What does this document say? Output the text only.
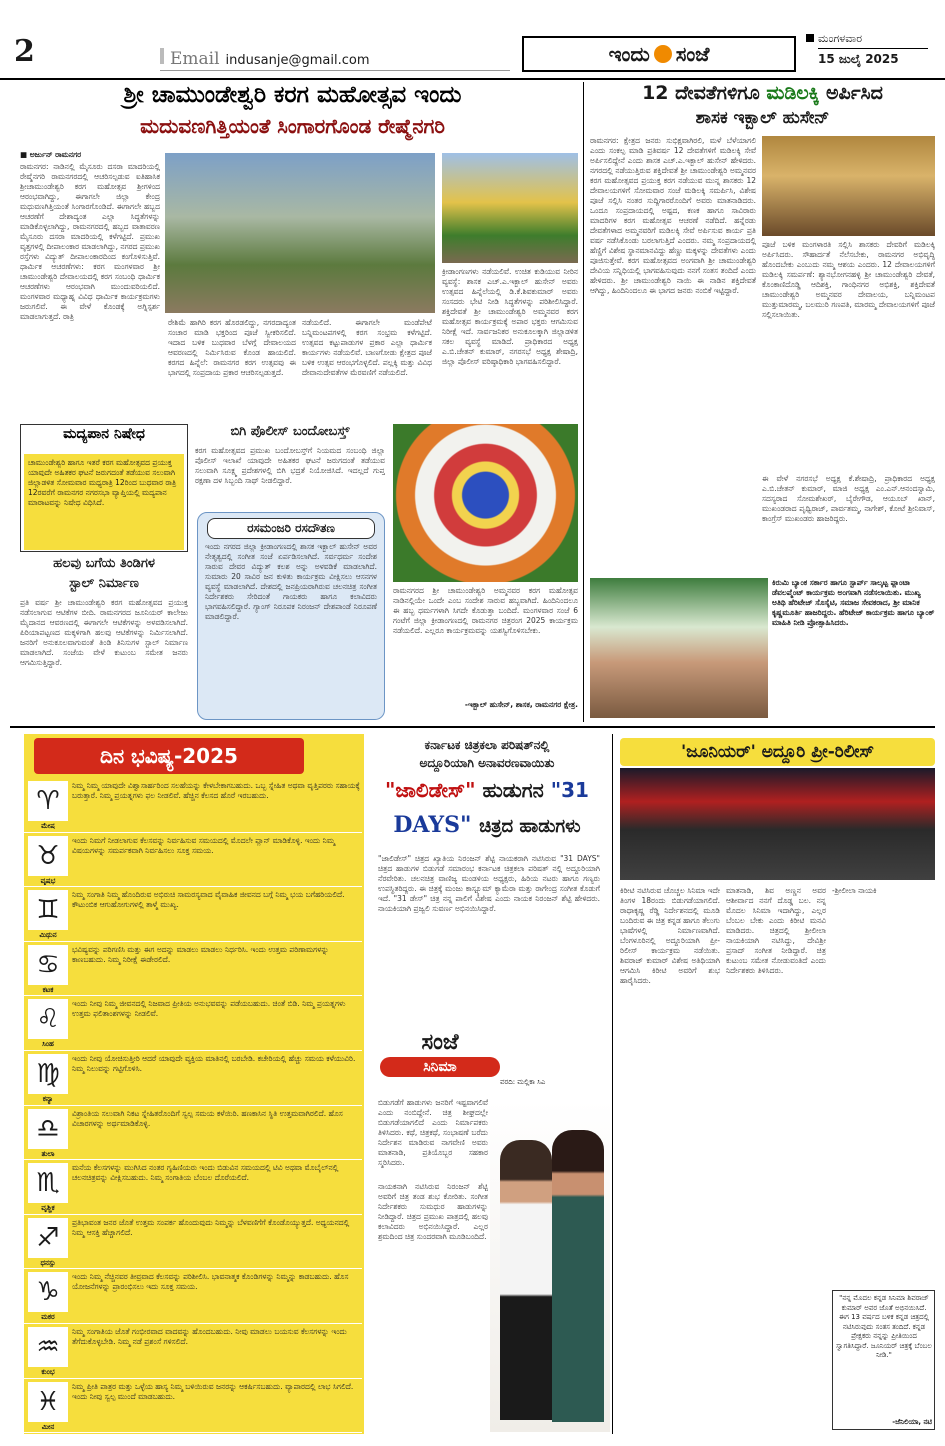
2	Email indusanje@gmail.com	ಇಂದು ಸಂಜೆ
ಮಂಗಳವಾರ
15 ಜುಲೈ 2025
ಶ್ರೀ ಚಾಮುಂಡೇಶ್ವರಿ ಕರಗ ಮಹೋತ್ಸವ ಇಂದು
ಮದುವಣಗಿತ್ತಿಯಂತೆ ಸಿಂಗಾರಗೊಂಡ ರೇಷ್ಮೆನಗರಿ
■ ಅರ್ಜುನ್ ರಾಮನಗರ
ರಾಮನಗರ: ನಾಡಿನಲ್ಲಿ ಮೈಸೂರು ದಸರಾ ಮಾದರಿಯಲ್ಲಿ ರೇಷ್ಮೆನಗರಿ ರಾಮನಗರದಲ್ಲಿ ಆಚರಿಸಲ್ಪಡುವ ಐತಿಹಾಸಿಕ ಶ್ರೀಚಾಮುಂಡೇಶ್ವರಿ ಕರಗ ಮಹೋತ್ಸವ ಶ್ರೀಗಳಿಂದ ಆರಂಭವಾಗಿದ್ದು, ಈಗಾಗಲೇ ಜಿಲ್ಲಾ ಕೇಂದ್ರ ಮಧುವಣಗಿತ್ತಿಯಂತೆ ಸಿಂಗಾರಗೊಂಡಿದೆ. ಈಗಾಗಲೇ ಹಬ್ಬದ ಆಚರಣೆಗೆ ದೇಶಾದ್ಯಂತ ಎಲ್ಲಾ ಸಿದ್ಧತೆಗಳನ್ನು ಮಾಡಿಕೊಳ್ಳಲಾಗಿದ್ದು, ರಾಮನಗರದಲ್ಲಿ ಹಬ್ಬದ ವಾತಾವರಣ ಮೈಸೂರು ದಸರಾ ಮಾದರಿಯಲ್ಲಿ ಕಳೆಗಟ್ಟಿದೆ. ಪ್ರಮುಖ ವೃತ್ತಗಳಲ್ಲಿ ದೀಪಾಲಂಕಾರ ಮಾಡಲಾಗಿದ್ದು, ನಗರದ ಪ್ರಮುಖ ರಸ್ತೆಗಳು ವಿದ್ಯುತ್ ದೀಪಾಲಂಕಾರದಿಂದ ಕಂಗೊಳಿಸುತ್ತಿವೆ. ಧಾರ್ಮಿಕ ಆಚರಣೆಗಳು: ಕರಗ ಮಂಗಳವಾರ ಶ್ರೀ ಚಾಮುಂಡೇಶ್ವರಿ ದೇವಾಲಯದಲ್ಲಿ ಕರಗ ಸಂಬಂಧಿ ಧಾರ್ಮಿಕ ಆಚರಣೆಗಳು ಆರಂಭವಾಗಿ ಮುಂದುವರಿಯಲಿದೆ. ಮಂಗಳವಾರ ಮಧ್ಯಾಹ್ನ ವಿವಿಧ ಧಾರ್ಮಿಕ ಕಾರ್ಯಕ್ರಮಗಳು ಜರುಗಲಿವೆ. ಈ ವೇಳೆ ಕೊಂಡಕ್ಕೆ ಅಗ್ನಿಸ್ಪರ್ಶ ಮಾಡಲಾಗುತ್ತದೆ. ರಾತ್ರಿ
ರೇಶಿಮೆ ಹಾಗಿರಿ ಕರಗ ಹೊರಡಲಿದ್ದು, ನಗರದಾದ್ಯಂತ ಸಂಚಾರ ಮಾಡಿ ಭಕ್ತರಿಂದ ಪೂಜೆ ಸ್ವೀಕರಿಸಲಿದೆ. ಇದಾದ ಬಳಿಕ ಬುಧವಾರ ಬೆಳಗ್ಗೆ ದೇವಾಲಯದ ಆವರಣದಲ್ಲಿ ನಿರ್ಮಿಸಿರುವ ಕೊಂಡ ಹಾಯಲಿದೆ. ಕರಗದ ಹಿನ್ನೆಲೆ: ರಾಮನಗರ ಕರಗ ಉತ್ಸವವು ಈ ಭಾಗದಲ್ಲಿ ಸಂಪ್ರದಾಯ ಪ್ರಕಾರ ಆಚರಿಸಲ್ಪಡುತ್ತದೆ.
ನಡೆಯಲಿದೆ. ಈಗಾಗಲೇ ಮಂಡೆಪೇಟೆ ಬನ್ನಿಮಂಟಪಗಳಲ್ಲಿ ಕರಗ ಸಂಭ್ರಮ ಕಳೆಗಟ್ಟಿದೆ. ಉತ್ಸವದ ಕಟ್ಟುಪಾಡುಗಳ ಪ್ರಕಾರ ಎಲ್ಲಾ ಧಾರ್ಮಿಕ ಕಾರ್ಯಗಳು ನಡೆಯಲಿವೆ. ಬಾಣಗೋಡು ಕ್ಷೇತ್ರದ ಪೂಜೆ ಬಳಿಕ ಉತ್ಸವ ಆರಂಭಗೊಳ್ಳಲಿದೆ. ಪಲ್ಲಕ್ಕಿ ಮತ್ತು ವಿವಿಧ ದೇವಾನುದೇವತೆಗಳ ಮೆರವಣಿಗೆ ನಡೆಯಲಿದೆ.
ಕ್ರೀಡಾಂಗಣಗಳು ನಡೆಯಲಿವೆ. ಉಚಿತ ಕುಡಿಯುವ ನೀರಿನ ವ್ಯವಸ್ಥೆ: ಶಾಸಕ ಎಚ್.ಎ.ಇಕ್ಬಾಲ್ ಹುಸೇನ್ ಅವರು ಉತ್ಸವದ ಹಿನ್ನೆಲೆಯಲ್ಲಿ ಡಿ.ಕೆ.ಶಿವಕುಮಾರ್ ಅವರು ಸಂಸದರು ಭೇಟಿ ನೀಡಿ ಸಿದ್ಧತೆಗಳನ್ನು ಪರಿಶೀಲಿಸಿದ್ದಾರೆ. ಶಕ್ತಿದೇವತೆ ಶ್ರೀ ಚಾಮುಂಡೇಶ್ವರಿ ಅಮ್ಮನವರ ಕರಗ ಮಹೋತ್ಸವ ಕಾರ್ಯಕ್ರಮಕ್ಕೆ ಅಪಾರ ಭಕ್ತರು ಆಗಮಿಸುವ ನಿರೀಕ್ಷೆ ಇದೆ. ಸಾರ್ವಜನಿಕರ ಅನುಕೂಲಕ್ಕಾಗಿ ಜಿಲ್ಲಾಡಳಿತ ಸಕಲ ವ್ಯವಸ್ಥೆ ಮಾಡಿದೆ. ಪ್ರಾಧಿಕಾರದ ಅಧ್ಯಕ್ಷ ಎ.ಬಿ.ಚೇತನ್ ಕುಮಾರ್, ನಗರಸಭೆ ಅಧ್ಯಕ್ಷ ಶೇಷಾದ್ರಿ, ಜಿಲ್ಲಾ ಪೊಲೀಸ್ ವರಿಷ್ಠಾಧಿಕಾರಿ ಭಾಗವಹಿಸಲಿದ್ದಾರೆ.
ಮದ್ಯಪಾನ ನಿಷೇಧ
ಚಾಮುಂಡೇಶ್ವರಿ ಹಾಗೂ ಇತರೆ ಕರಗ ಮಹೋತ್ಸವದ ಪ್ರಯುಕ್ತ ಯಾವುದೇ ಅಹಿತಕರ ಘಟನೆ ಜರುಗದಂತೆ ತಡೆಯುವ ಸಲುವಾಗಿ ಜಿಲ್ಲಾಡಳಿತ ಸೋಮವಾರ ಮಧ್ಯರಾತ್ರಿ 12ರಿಂದ ಬುಧವಾರ ರಾತ್ರಿ 12ರವರೆಗೆ ರಾಮನಗರ ನಗರಸಭಾ ವ್ಯಾಪ್ತಿಯಲ್ಲಿ ಮದ್ಯಪಾನ ಮಾರಾಟವನ್ನು ನಿಷೇಧ ವಿಧಿಸಿದೆ.
ಬಿಗಿ ಪೊಲೀಸ್ ಬಂದೋಬಸ್ತ್
ಕರಗ ಮಹೋತ್ಸವದ ಪ್ರಮುಖ ಬಂದೋಬಸ್ತ್‌ಗೆ ನಿಯಮದ ಸಂಬಂಧಿ ಜಿಲ್ಲಾ ಪೊಲೀಸ್ ಇಲಾಖೆ ಯಾವುದೇ ಅಹಿತಕರ ಘಟನೆ ಜರುಗದಂತೆ ತಡೆಯುವ ಸಲುವಾಗಿ ಸೂಕ್ಷ್ಮ ಪ್ರದೇಶಗಳಲ್ಲಿ ಬಿಗಿ ಭದ್ರತೆ ನಿಯೋಜಿಸಿದೆ. ಇದಲ್ಲದೆ ಗುಪ್ತ ರಕ್ಷಣಾ ದಳ ಸಿಬ್ಬಂದಿ ಸಾಥ್ ನೀಡಲಿದ್ದಾರೆ.
ರಸಮಂಜರಿ ರಸದೌತಣ
ಇಂದು ನಗರದ ಜಿಲ್ಲಾ ಕ್ರೀಡಾಂಗಣದಲ್ಲಿ ಶಾಸಕ ಇಕ್ಬಾಲ್ ಹುಸೇನ್ ಅವರ ನೇತೃತ್ವದಲ್ಲಿ ಸಂಗೀತ ಸಂಜೆ ಏರ್ಪಡಿಸಲಾಗಿದೆ. ಸರ್ವಧರ್ಮ ಸಂದೇಶ ಸಾರುವ ದೇವರ ವಿದ್ಯುತ್ ಕಲಶ ಅನ್ನು ಅಳವಡಿಕೆ ಮಾಡಲಾಗಿದೆ. ಸುಮಾರು 20 ಸಾವಿರ ಜನ ಕುಳಿತು ಕಾರ್ಯಕ್ರಮ ವೀಕ್ಷಿಸಲು ಆಸನಗಳ ವ್ಯವಸ್ಥೆ ಮಾಡಲಾಗಿದೆ. ದೇಶದಲ್ಲಿ ಜನಪ್ರಿಯರಾಗಿರುವ ಚಲನಚಿತ್ರ ಸಂಗೀತ ನಿರ್ದೇಶಕರು ಸೇರಿದಂತೆ ಗಾಯಕರು ಹಾಗೂ ಕಲಾವಿದರು ಭಾಗವಹಿಸಲಿದ್ದಾರೆ. ಗ್ಯಾಂಗ್ ನಿರೂಪಕ ನಿರಂಜನ್ ದೇಶಪಾಂಡೆ ನಿರೂಪಣೆ ಮಾಡಲಿದ್ದಾರೆ.
ಹಲವು ಬಗೆಯ ತಿಂಡಿಗಳ
ಸ್ಟಾಲ್ ನಿರ್ಮಾಣ
ಪ್ರತಿ ವರ್ಷ ಶ್ರೀ ಚಾಮುಂಡೇಶ್ವರಿ ಕರಗ ಮಹೋತ್ಸವದ ಪ್ರಯುಕ್ತ ನಡೆಸಲಾಗುವ ಆಟಿಕೆಗಳ ಬೀದಿ. ರಾಮನಗರದ ಜೂನಿಯರ್ ಕಾಲೇಜು ಮೈದಾನದ ಆವರಣದಲ್ಲಿ ಈಗಾಗಲೇ ಆಟಿಕೆಗಳನ್ನು ಅಳವಡಿಸಲಾಗಿದೆ. ಪಿರಿಯಾಪಟ್ಟಣದ ಮಕ್ಕಳಿಗಾಗಿ ಹಲವು ಆಟಿಕೆಗಳನ್ನು ನಿರ್ಮಿಸಲಾಗಿದೆ. ಜನರಿಗೆ ಅನುಕೂಲವಾಗುವಂತೆ ತಿಂಡಿ ತಿನಿಸುಗಳ ಸ್ಟಾಲ್ ನಿರ್ಮಾಣ ಮಾಡಲಾಗಿದೆ. ಸಂಜೆಯ ವೇಳೆ ಕುಟುಂಬ ಸಮೇತ ಜನರು ಆಗಮಿಸುತ್ತಿದ್ದಾರೆ.
ರಾಮನಗರದ ಶ್ರೀ ಚಾಮುಂಡೇಶ್ವರಿ ಅಮ್ಮನವರ ಕರಗ ಮಹೋತ್ಸವ ನಾಡಿನಲ್ಲಿಯೇ ಒಂದೇ ಎಂಬ ಸಂದೇಶ ಸಾರುವ ಹಬ್ಬವಾಗಿದೆ. ಹಿಂದಿನಿಂದಲೂ ಈ ಹಬ್ಬ ಧರ್ಮಗಳಾಗಿ ಸಿಗದೇ ಕೊಡುತ್ತಾ ಬಂದಿದೆ. ಮಂಗಳವಾರ ಸಂಜೆ 6 ಗಂಟೆಗೆ ಜಿಲ್ಲಾ ಕ್ರೀಡಾಂಗಣದಲ್ಲಿ ರಾಮನಗರ ಚಿತ್ರರಂಗ 2025 ಕಾರ್ಯಕ್ರಮ ನಡೆಯಲಿದೆ. ಎಲ್ಲರೂ ಕಾರ್ಯಕ್ರಮವನ್ನು ಯಶಸ್ವಿಗೊಳಿಸಬೇಕು.
-ಇಕ್ಬಾಲ್ ಹುಸೇನ್, ಶಾಸಕ, ರಾಮನಗರ ಕ್ಷೇತ್ರ.
12 ದೇವತೆಗಳಿಗೂ ಮಡಿಲಕ್ಕಿ ಅರ್ಪಿಸಿದ
ಶಾಸಕ ಇಕ್ಬಾಲ್ ಹುಸೇನ್
ರಾಮನಗರ: ಕ್ಷೇತ್ರದ ಜನರು ಸುಭಿಕ್ಷವಾಗಿರಲಿ, ಮಳೆ ಬೆಳೆಯಾಗಲಿ ಎಂದು ಸಂಕಲ್ಪ ಮಾಡಿ ಪ್ರತಿವರ್ಷ 12 ದೇವತೆಗಳಿಗೆ ಮಡಿಲಕ್ಕಿ ಸೇವೆ ಅರ್ಪಿಸಲಿದ್ದೇನೆ ಎಂದು ಶಾಸಕ ಎಚ್.ಎ.ಇಕ್ಬಾಲ್ ಹುಸೇನ್ ಹೇಳಿದರು. ನಗರದಲ್ಲಿ ನಡೆಯುತ್ತಿರುವ ಶಕ್ತಿದೇವತೆ ಶ್ರೀ ಚಾಮುಂಡೇಶ್ವರಿ ಅಮ್ಮನವರ ಕರಗ ಮಹೋತ್ಸವದ ಪ್ರಯುಕ್ತ ಕರಗ ನಡೆಯುವ ಮುನ್ನ ಶಾಸಕರು 12 ದೇವಾಲಯಗಳಿಗೆ ಸೋಮವಾರ ಸಂಜೆ ಮಡಿಲಕ್ಕಿ ಸಮರ್ಪಿಸಿ, ವಿಶೇಷ ಪೂಜೆ ಸಲ್ಲಿಸಿ ನಂತರ ಸುದ್ದಿಗಾರರೊಂದಿಗೆ ಅವರು ಮಾತನಾಡಿದರು. ಒಂದೂ ಸಂಪ್ರದಾಯದಲ್ಲಿ ಅಷ್ಟದ, ಕಣಕ ಹಾಗೂ ಸಾವಿರಾರು ಮಾದರಿಗಳ ಕರಗ ಮಹೋತ್ಸವ ಆಚರಣೆ ನಡೆದಿದೆ. ಹನ್ನೆರಡು ದೇವತೆಗಳಾದ ಅಮ್ಮನವರಿಗೆ ಮಡಿಲಕ್ಕಿ ಸೇವೆ ಅರ್ಪಿಸುವ ಕಾರ್ಯ ಪ್ರತಿ ವರ್ಷ ನಡೆಸಿಕೊಂಡು ಬರಲಾಗುತ್ತಿದೆ ಎಂದರು. ನಮ್ಮ ಸಂಪ್ರದಾಯದಲ್ಲಿ ಹೆಣ್ಣಿಗೆ ವಿಶೇಷ ಸ್ಥಾನಮಾನವಿದ್ದು ಹೆಣ್ಣು ಮಕ್ಕಳನ್ನು ದೇವತೆಗಳು ಎಂದು ಪೂಜಿಸುತ್ತೇವೆ. ಕರಗ ಮಹೋತ್ಸವದ ಅಂಗವಾಗಿ ಶ್ರೀ ಚಾಮುಂಡೇಶ್ವರಿ ದೇವಿಯ ಸನ್ನಿಧಿಯಲ್ಲಿ ಭಾಗವಹಿಸುವುದು ನನಗೆ ಸಂತಸ ತಂದಿದೆ ಎಂದು ಹೇಳಿದರು. ಶ್ರೀ ಚಾಮುಂಡೇಶ್ವರಿ ನಾಯಿ ಈ ನಾಡಿನ ಶಕ್ತಿದೇವತೆ ಆಗಿದ್ದು, ಹಿಂದಿನಿಂದಲೂ ಈ ಭಾಗದ ಜನರು ನಂಬಿಕೆ ಇಟ್ಟಿದ್ದಾರೆ.
ಪೂಜೆ ಬಳಿಕ ಮಂಗಳಾರತಿ ಸಲ್ಲಿಸಿ ಶಾಸಕರು ದೇವರಿಗೆ ಮಡಿಲಕ್ಕಿ ಅರ್ಪಿಸಿದರು. ಸೌಹಾರ್ದತೆ ನೆಲೆಸಬೇಕು, ರಾಮನಗರ ಅಭಿವೃದ್ಧಿ ಹೊಂದಬೇಕು ಎಂಬುದು ನಮ್ಮ ಆಶಯ ಎಂದರು. 12 ದೇವಾಲಯಗಳಿಗೆ ಮಡಿಲಕ್ಕಿ ಸಮರ್ಪಣೆ: ಶ್ಯಾನಭೋಗನಹಳ್ಳಿ ಶ್ರೀ ಚಾಮುಂಡೇಶ್ವರಿ ದೇವತೆ, ಕೊಂಕಾಣಿದೊಡ್ಡಿ ಆದಿಶಕ್ತಿ, ಗಾಂಧಿನಗರ ಅಭಿಶಕ್ತಿ, ಶಕ್ತಿದೇವತೆ ಚಾಮುಂಡೇಶ್ವರಿ ಅಮ್ಮನವರ ದೇವಾಲಯ, ಬನ್ನಿಮಂಟಪ ಮುತ್ತುಮಾರಮ್ಮ, ಬಲಮುರಿ ಗಣಪತಿ, ಮಾರಮ್ಮ ದೇವಾಲಯಗಳಿಗೆ ಪೂಜೆ ಸಲ್ಲಿಸಲಾಯಿತು.
ಈ ವೇಳೆ ನಗರಸಭೆ ಅಧ್ಯಕ್ಷ ಕೆ.ಶೇಷಾದ್ರಿ, ಪ್ರಾಧಿಕಾರದ ಅಧ್ಯಕ್ಷ ಎ.ಬಿ.ಚೇತನ್ ಕುಮಾರ್, ಮಾಜಿ ಅಧ್ಯಕ್ಷ ಎಂ.ಎನ್.ಆನಂದಸ್ವಾಮಿ, ಸದಸ್ಯರಾದ ಸೋಮಶೇಖರ್, ಬೈರೇಗೌಡ, ಆಯೂಬ್ ಖಾನ್, ಮುಖಂಡರಾದ ಪೃಥ್ವಿರಾಜ್, ಪಾರ್ವತಮ್ಮ, ನಾಗೇಶ್, ಕೋಟೆ ಶ್ರೀನಿವಾಸ್, ಕಾಂಗ್ರೆಸ್ ಮುಖಂಡರು ಹಾಜರಿದ್ದರು.
ಕಿರುಮಿ ಬ್ಯಾಂಕ ಸರ್ಕಾರ ಹಾಗೂ ಸ್ಟಾರ್ಪ್ ಸಾಲ್ಕಟ್ಟ ಫ್ಲಾಂಟಾ ಡೆವಲಪ್ಮೆಂಟ್ ಕಾರ್ಯಕ್ರಮ ಅಂಗವಾಗಿ ನಡೆಸಲಾಯಿತು. ಮುಖ್ಯ ಅತಿಥಿ ಹೆರಿಟೇಜ್ ಸೊಸೈಟಿ, ಸಮಾಜ ಸೇವಕರಾದ, ಶ್ರೀ ಮಾನಿಕ ಕೃಷ್ಣಮೂರ್ತಿ ಹಾಜರಿದ್ದರು. ಹೆರಿಟೇಜ್ ಕಾರ್ಯಕ್ರಮ ಹಾಗೂ ಬ್ಯಾಂಕ್ ಮಾಹಿತಿ ನೀಡಿ ಪ್ರೋತ್ಸಾಹಿಸಿದರು.
ದಿನ ಭವಿಷ್ಯ-2025
♈
ಮೇಷ
ನಿಮ್ಮ ನಿಮ್ಮ ಯಾವುದೇ ವಿಶ್ವಾಸಾರ್ಹರಿಂದ ಸಲಹೆಯನ್ನು ಕೇಳಬೇಕಾಗಬಹುದು. ಒಬ್ಬ ಸ್ನೇಹಿತ ಅಥವಾ ವೃತ್ತಿಪರರು ಸಹಾಯಕ್ಕೆ ಬರುತ್ತಾರೆ. ನಿಮ್ಮ ಪ್ರಯತ್ನಗಳು ಫಲ ನೀಡಲಿವೆ. ಹೆಚ್ಚಿನ ಕೆಲಸದ ಹೊರೆ ಇರಬಹುದು.
♉
ವೃಷಭ
ಇಂದು ನಿಮಗೆ ನೀಡಲಾಗುವ ಕೆಲಸವನ್ನು ನಿರ್ವಹಿಸುವ ಸಮಯದಲ್ಲಿ ಮೊದಲೇ ಪ್ಲಾನ್ ಮಾಡಿಕೊಳ್ಳಿ. ಇಂದು ನಿಮ್ಮ ವಿಷಯಗಳನ್ನು ಸಮರ್ಪಕವಾಗಿ ನಿರ್ವಹಿಸಲು ಸೂಕ್ತ ಸಮಯ.
♊
ಮಿಥುನ
ನಿಮ್ಮ ಸಂಗಾತಿ ನಿಮ್ಮ ಹೊಂದಿರುವ ಅಭಿರುಚಿ ಸಾಮರಸ್ಯವಾದ ವೈವಾಹಿಕ ಜೀವನದ ಬಗ್ಗೆ ನಿಮ್ಮ ಭಯ ಬಗೆಹರಿಯಲಿದೆ. ಕೌಟುಂಬಿಕ ಆಗುಹೋಗುಗಳಲ್ಲಿ ತಾಳ್ಮೆ ಮುಖ್ಯ.
♋
ಕಟಕ
ಭವಿಷ್ಯವನ್ನು ಪರಿಗಣಿಸಿ ಮತ್ತು ಈಗ ಅದನ್ನು ಮಾಡಲು ಮಾಡಲು ನಿರ್ಧರಿಸಿ. ಇಂದು ಉತ್ತಮ ಪರಿಣಾಮಗಳನ್ನು ಕಾಣಬಹುದು. ನಿಮ್ಮ ನಿರೀಕ್ಷೆ ಈಡೇರಲಿದೆ.
♌
ಸಿಂಹ
ಇಂದು ನೀವು ನಿಮ್ಮ ಜೀವನದಲ್ಲಿ ನಿಜವಾದ ಪ್ರೀತಿಯ ಅನುಭವವನ್ನು ಪಡೆಯಬಹುದು. ಚಿಂತೆ ಬಿಡಿ. ನಿಮ್ಮ ಪ್ರಯತ್ನಗಳು ಉತ್ತಮ ಫಲಿತಾಂಶಗಳನ್ನು ನೀಡಲಿವೆ.
♍
ಕನ್ಯಾ
ಇಂದು ನೀವು ಯೋಚಿಸುತ್ತೀರಿ ಆದರೆ ಯಾವುದೇ ವ್ಯಕ್ತಿಯ ಮಾತಿನಲ್ಲಿ ಬರಬೇಡಿ. ಕಚೇರಿಯಲ್ಲಿ ಹೆಚ್ಚು ಸಮಯ ಕಳೆಯುವಿರಿ. ನಿಮ್ಮ ನಿಲುವನ್ನು ಗಟ್ಟಿಗೊಳಿಸಿ.
♎
ತುಲಾ
ವಿಶ್ರಾಂತಿಯ ಸಲುವಾಗಿ ನಿಕಟ ಸ್ನೇಹಿತರೊಂದಿಗೆ ಸ್ವಲ್ಪ ಸಮಯ ಕಳೆಯಿರಿ. ಹಣಕಾಸಿನ ಸ್ಥಿತಿ ಉತ್ತಮವಾಗಿರಲಿದೆ. ಹೊಸ ವಿಚಾರಗಳನ್ನು ಅರ್ಥಮಾಡಿಕೊಳ್ಳಿ.
♏
ವೃಶ್ಚಿಕ
ಮನೆಯ ಕೆಲಸಗಳನ್ನು ಮುಗಿಸಿದ ನಂತರ ಗೃಹಿಣಿಯರು ಇಂದು ಬಿಡುವಿನ ಸಮಯದಲ್ಲಿ ಟಿವಿ ಅಥವಾ ಮೊಬೈಲ್‌ನಲ್ಲಿ ಚಲನಚಿತ್ರವನ್ನು ವೀಕ್ಷಿಸಬಹುದು. ನಿಮ್ಮ ಸಂಗಾತಿಯ ಬೆಂಬಲ ದೊರೆಯಲಿದೆ.
♐
ಧನಸ್ಸು
ಪ್ರತಿಭಾವಂತ ಜನರ ಜೊತೆ ಉತ್ತಮ ಸಂಪರ್ಕ ಹೊಂದುವುದು ನಿಮ್ಮನ್ನು ಬೆಳವಣಿಗೆಗೆ ಕೊಂಡೊಯ್ಯುತ್ತದೆ. ಅಧ್ಯಯನದಲ್ಲಿ ನಿಮ್ಮ ಆಸಕ್ತಿ ಹೆಚ್ಚಾಗಲಿದೆ.
♑
ಮಕರ
ಇಂದು ನಿಮ್ಮ ನೆಚ್ಚಿನವರ ತೀವ್ರವಾದ ಕೆಲಸವನ್ನು ಪರಿಶೀಲಿಸಿ. ಭಾವನಾತ್ಮಕ ಕೊಂಡಿಗಳನ್ನು ನಿಮ್ಮನ್ನು ಕಾಡಬಹುದು. ಹೊಸ ಯೋಜನೆಗಳನ್ನು ಪ್ರಾರಂಭಿಸಲು ಇದು ಸೂಕ್ತ ಸಮಯ.
♒
ಕುಂಭ
ನಿಮ್ಮ ಸಂಗಾತಿಯ ಜೊತೆ ಗಂಭೀರವಾದ ವಾದವನ್ನು ಹೊಂದಬಹುದು. ನೀವು ಮಾಡಲು ಬಯಸುವ ಕೆಲಸಗಳನ್ನು ಇಂದು ತೆಗೆದುಕೊಳ್ಳಬೇಡಿ. ನಿಮ್ಮ ನಡೆ ಪ್ರಶಂಸೆ ಗಳಿಸಲಿದೆ.
♓
ಮೀನ
ನಿಮ್ಮ ಪ್ರೀತಿ ಪಾತ್ರರ ಮತ್ತು ಒಳ್ಳೆಯ ಹಾಸ್ಯ ನಿಮ್ಮ ಬಳಿಯಿರುವ ಜನರನ್ನು ಆಕರ್ಷಿಸಬಹುದು. ವ್ಯಾಪಾರದಲ್ಲಿ ಲಾಭ ಸಿಗಲಿದೆ. ಇಂದು ನೀವು ಸ್ವಲ್ಪ ಮುಂದೆ ಮಾಡಬಹುದು.
ಕರ್ನಾಟಕ ಚಿತ್ರಕಲಾ ಪರಿಷತ್‌ನಲ್ಲಿ
ಅದ್ದೂರಿಯಾಗಿ ಅನಾವರಣವಾಯಿತು
"ಜಾಲಿಡೇಸ್" ಹುಡುಗನ "31
DAYS" ಚಿತ್ರದ ಹಾಡುಗಳು
"ಜಾಲಿಡೇಸ್" ಚಿತ್ರದ ಖ್ಯಾತಿಯ ನಿರಂಜನ್ ಶೆಟ್ಟಿ ನಾಯಕರಾಗಿ ನಟಿಸಿರುವ "31 DAYS" ಚಿತ್ರದ ಹಾಡುಗಳ ಬಿಡುಗಡೆ ಸಮಾರಂಭ ಕರ್ನಾಟಕ ಚಿತ್ರಕಲಾ ಪರಿಷತ್ ನಲ್ಲಿ ಅದ್ದೂರಿಯಾಗಿ ನೆರವೇರಿತು. ಚಲನಚಿತ್ರ ವಾಣಿಜ್ಯ ಮಂಡಳಿಯ ಅಧ್ಯಕ್ಷರು, ಹಿರಿಯ ನಟರು ಹಾಗೂ ಗಣ್ಯರು ಉಪಸ್ಥಿತರಿದ್ದರು. ಈ ಚಿತ್ರಕ್ಕೆ ಮಂಜು ಕಾಸ್ಟ್ಯೂಮ್ ಕ್ಯಾಮೆರಾ ಮತ್ತು ರಾಗೇಂದ್ರ ಸಂಗೀತ ಕೊಡುಗೆ ಇದೆ. "31 ಡೇಸ್" ಚಿತ್ರ ನನ್ನ ಪಾಲಿಗೆ ವಿಶೇಷ ಎಂದು ನಾಯಕ ನಿರಂಜನ್ ಶೆಟ್ಟಿ ಹೇಳಿದರು. ನಾಯಕಿಯಾಗಿ ಪ್ರಜ್ವಲಿ ಸುವರ್ಣ ಅಭಿನಯಿಸಿದ್ದಾರೆ.
ಸಂಜೆ
ಸಿನಿಮಾ
ವರದಿ: ಮಲ್ಲಿಕಾ ಸಿಎ
ಬಿಡುಗಡೆಗೆ ಹಾಡುಗಳು ಜನರಿಗೆ ಇಷ್ಟವಾಗಲಿವೆ ಎಂದು ನಂಬಿದ್ದೇನೆ. ಚಿತ್ರ ಶೀಘ್ರದಲ್ಲೇ ಬಿಡುಗಡೆಯಾಗಲಿದೆ ಎಂದು ನಿರ್ಮಾಪಕರು ತಿಳಿಸಿದರು. ಕಥೆ, ಚಿತ್ರಕಥೆ, ಸಂಭಾಷಣೆ ಬರೆದು ನಿರ್ದೇಶನ ಮಾಡಿರುವ ನಾಗವೇಣಿ ಅವರು ಮಾತನಾಡಿ, ಪ್ರತಿಯೊಬ್ಬರ ಸಹಕಾರ ಸ್ಮರಿಸಿದರು.
ನಾಯಕನಾಗಿ ನಟಿಸಿರುವ ನಿರಂಜನ್ ಶೆಟ್ಟಿ ಅವರಿಗೆ ಚಿತ್ರ ತಂಡ ಶುಭ ಕೋರಿತು. ಸಂಗೀತ ನಿರ್ದೇಶಕರು ಸುಮಧುರ ಹಾಡುಗಳನ್ನು ನೀಡಿದ್ದಾರೆ. ಚಿತ್ರದ ಪ್ರಮುಖ ಪಾತ್ರದಲ್ಲಿ ಹಲವು ಕಲಾವಿದರು ಅಭಿನಯಿಸಿದ್ದಾರೆ. ಎಲ್ಲರ ಶ್ರಮದಿಂದ ಚಿತ್ರ ಸುಂದರವಾಗಿ ಮೂಡಿಬಂದಿದೆ.
'ಜೂನಿಯರ್' ಅದ್ದೂರಿ ಪ್ರೀ-ರಿಲೀಸ್
ಕಿರೀಟಿ ನಟಿಸಿರುವ ಚೊಚ್ಚಲ ಸಿನಿಮಾ ಇದೇ ತಿಂಗಳ 18ರಂದು ಬಿಡುಗಡೆಯಾಗಲಿದೆ. ರಾಧಾಕೃಷ್ಣ ರೆಡ್ಡಿ ನಿರ್ದೇಶನದಲ್ಲಿ ಮೂಡಿ ಬಂದಿರುವ ಈ ಚಿತ್ರ ಕನ್ನಡ ಹಾಗೂ ತೆಲುಗು ಭಾಷೆಗಳಲ್ಲಿ ನಿರ್ಮಾಣವಾಗಿದೆ. ಬೆಂಗಳೂರಿನಲ್ಲಿ ಅದ್ದೂರಿಯಾಗಿ ಪ್ರೀ-ರಿಲೀಸ್ ಕಾರ್ಯಕ್ರಮ ನಡೆಯಿತು. ಶಿವರಾಜ್ ಕುಮಾರ್ ವಿಶೇಷ ಅತಿಥಿಯಾಗಿ ಆಗಮಿಸಿ ಕಿರೀಟಿ ಅವರಿಗೆ ಶುಭ ಹಾರೈಸಿದರು.
ಮಾತನಾಡಿ, ಶಿವ ಅಣ್ಣನ ಅವರ ಆಶೀರ್ವಾದ ನನಗೆ ದೊಡ್ಡ ಬಲ. ನನ್ನ ಮೊದಲ ಸಿನಿಮಾ ಇದಾಗಿದ್ದು, ಎಲ್ಲರ ಬೆಂಬಲ ಬೇಕು ಎಂದು ಕಿರೀಟಿ ಮನವಿ ಮಾಡಿದರು. ಚಿತ್ರದಲ್ಲಿ ಶ್ರೀಲೀಲಾ ನಾಯಕಿಯಾಗಿ ನಟಿಸಿದ್ದು, ದೇವಿಶ್ರೀ ಪ್ರಸಾದ್ ಸಂಗೀತ ನೀಡಿದ್ದಾರೆ. ಚಿತ್ರ ಕುಟುಂಬ ಸಮೇತ ನೋಡುವಂತಿದೆ ಎಂದು ನಿರ್ದೇಶಕರು ತಿಳಿಸಿದರು.
-ಶ್ರೀಲೀಲಾ ನಾಯಕಿ
"ನನ್ನ ಮೊದಲ ಕನ್ನಡ ಸಿನಿಮಾ ಶಿವರಾಜ್ ಕುಮಾರ್ ಅವರ ಜೊತೆ ಅಭಿನಯಿಸಿದೆ. ಈಗ 13 ವರ್ಷದ ಬಳಿಕ ಕನ್ನಡ ಚಿತ್ರದಲ್ಲಿ ನಟಿಸಿರುವುದು ಸಂತಸ ತಂದಿದೆ. ಕನ್ನಡ ಪ್ರೇಕ್ಷಕರು ನನ್ನನ್ನು ಪ್ರೀತಿಯಿಂದ ಸ್ವಾಗತಿಸಿದ್ದಾರೆ. ಜೂನಿಯರ್ ಚಿತ್ರಕ್ಕೆ ಬೆಂಬಲ ನೀಡಿ."
-ಜೆನಿಲಿಯಾ, ನಟಿ
